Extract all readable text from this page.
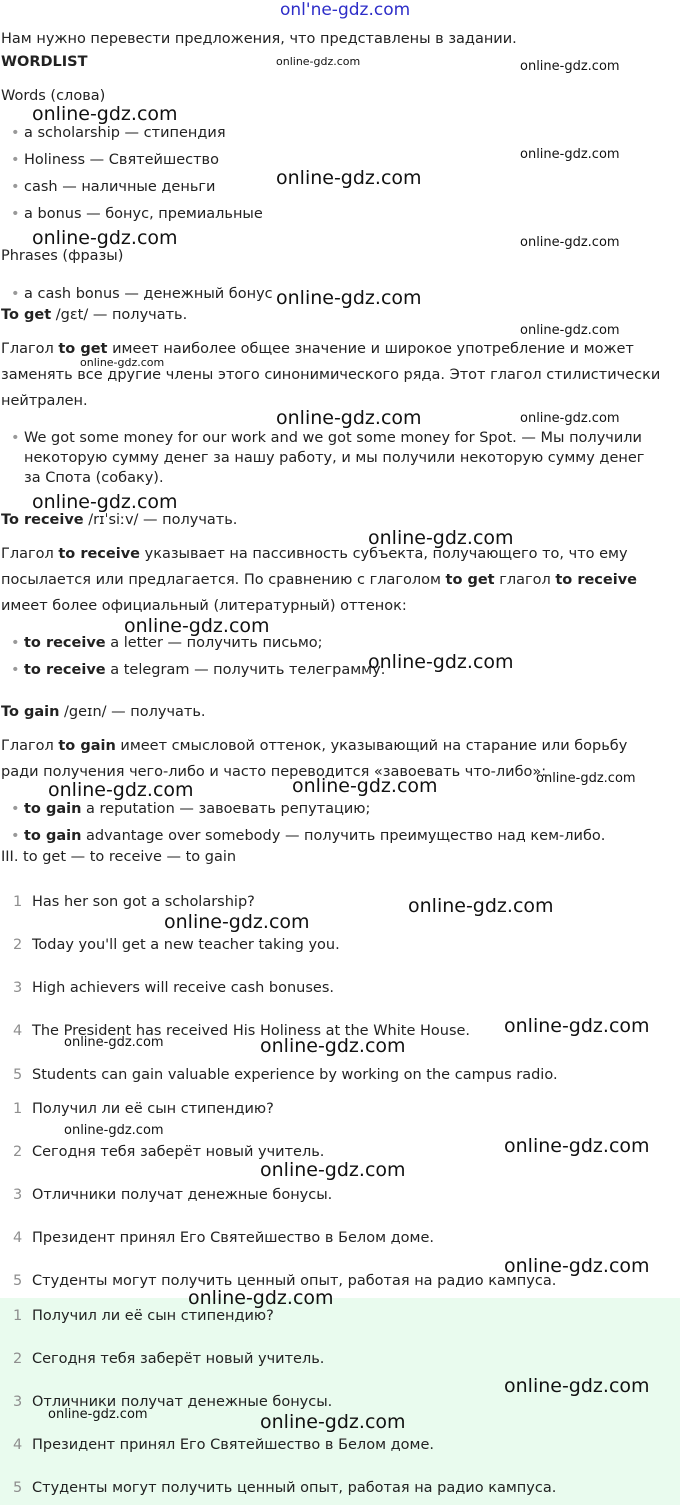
onl'ne-gdz.com
Нам нужно перевести предложения, что представлены в задании.
WORDLIST
Words (слова)
• a scholarship — стипендия
• Holiness — Святейшество
• cash — наличные деньги
• a bonus — бонус, премиальные
Phrases (фразы)
• a cash bonus — денежный бонус
To get /gɛt/ — получать.
Глагол to get имеет наиболее общее значение и широкое употребление и может заменять все другие члены этого синонимического ряда. Этот глагол стилистически нейтрален.
• We got some money for our work and we got some money for Spot. — Мы получили некоторую сумму денег за нашу работу, и мы получили некоторую сумму денег за Спота (собаку).
To receive /rɪˈsiːv/ — получать.
Глагол to receive указывает на пассивность субъекта, получающего то, что ему посылается или предлагается. По сравнению с глаголом to get глагол to receive имеет более официальный (литературный) оттенок:
• to receive a letter — получить письмо;
• to receive a telegram — получить телеграмму.
To gain /geɪn/ — получать.
Глагол to gain имеет смысловой оттенок, указывающий на старание или борьбу ради получения чего-либо и часто переводится «завоевать что-либо»:
• to gain a reputation — завоевать репутацию;
• to gain advantage over somebody — получить преимущество над кем-либо.
III. to get — to receive — to gain
1 Has her son got a scholarship?
2 Today you'll get a new teacher taking you.
3 High achievers will receive cash bonuses.
4 The President has received His Holiness at the White House.
5 Students can gain valuable experience by working on the campus radio.
1 Получил ли её сын стипендию?
2 Сегодня тебя заберёт новый учитель.
3 Отличники получат денежные бонусы.
4 Президент принял Его Святейшество в Белом доме.
5 Студенты могут получить ценный опыт, работая на радио кампуса.
1 Получил ли её сын стипендию?
2 Сегодня тебя заберёт новый учитель.
3 Отличники получат денежные бонусы.
4 Президент принял Его Святейшество в Белом доме.
5 Студенты могут получить ценный опыт, работая на радио кампуса.
online-gdz.com	online-gdz.com
online-gdz.com
online-gdz.com
online-gdz.com
online-gdz.com	online-gdz.com
online-gdz.com
online-gdz.com
online-gdz.com
online-gdz.com	online-gdz.com
online-gdz.com
online-gdz.com
online-gdz.com
online-gdz.com
online-gdz.com
online-gdz.com	online-gdz.com
online-gdz.com
online-gdz.com
online-gdz.com
online-gdz.com	online-gdz.com
online-gdz.com
online-gdz.com
online-gdz.com
online-gdz.com
online-gdz.com
online-gdz.com
online-gdz.com	online-gdz.com
